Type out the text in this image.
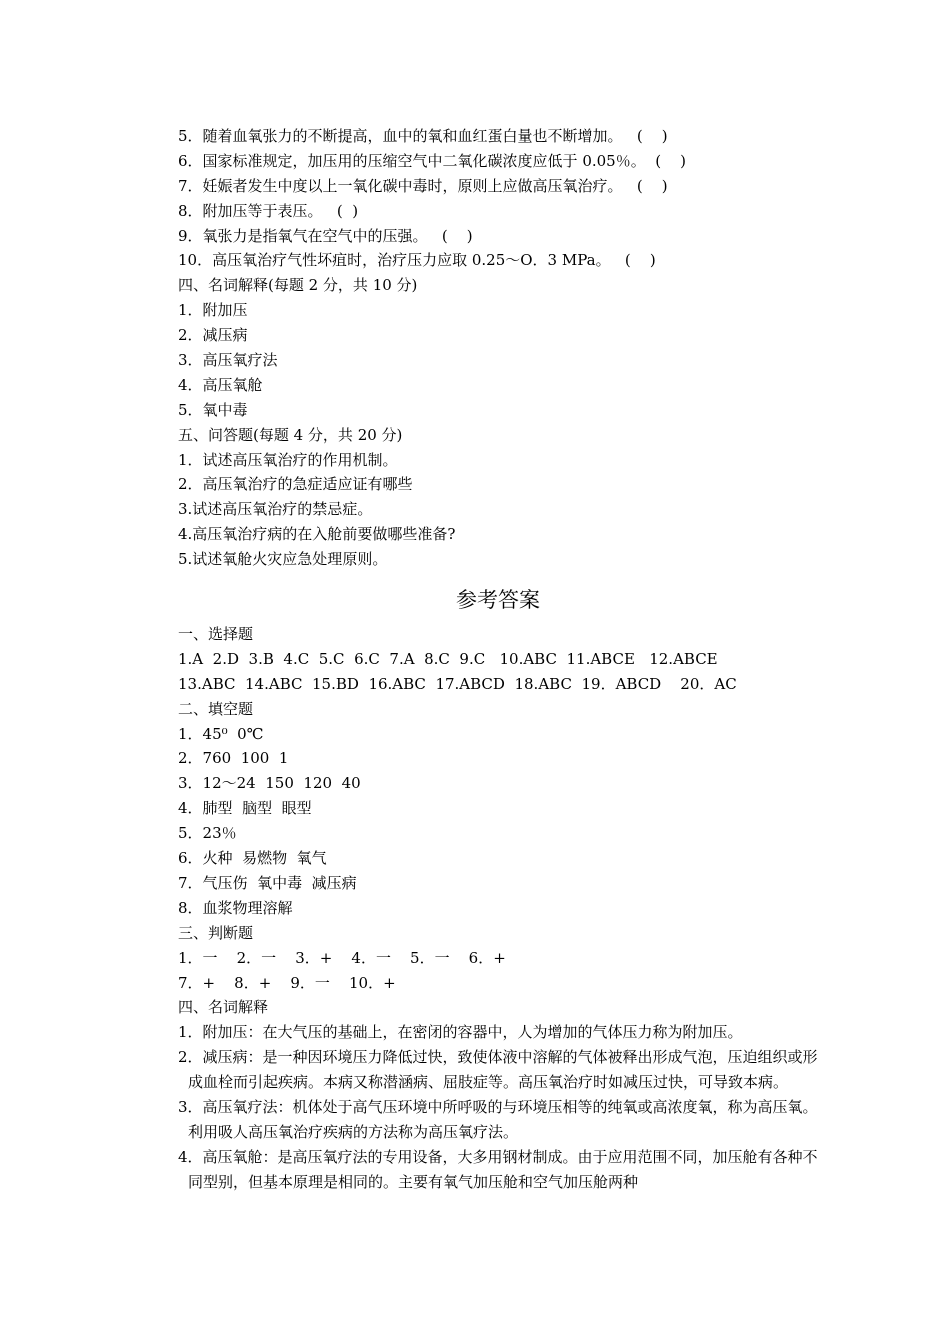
5．随着血氧张力的不断提高，血中的氧和血红蛋白量也不断增加。   (    )
6．国家标准规定，加压用的压缩空气中二氧化碳浓度应低于 0.05％。  (    )
7．妊娠者发生中度以上一氧化碳中毒时，原则上应做高压氧治疗。   (    )
8．附加压等于表压。   (  )
9．氧张力是指氧气在空气中的压强。   (    )
10．高压氧治疗气性坏疽时，治疗压力应取 0.25～O．3 MPa。   (    )
四、名词解释(每题 2 分，共 10 分)
1．附加压
2．减压病
3．高压氧疗法
4．高压氧舱
5．氧中毒
五、问答题(每题 4 分，共 20 分)
1．试述高压氧治疗的作用机制。
2．高压氧治疗的急症适应证有哪些
3.试述高压氧治疗的禁忌症。
4.高压氧治疗病的在入舱前要做哪些准备?
5.试述氧舱火灾应急处理原则。
参考答案
一、选择题
1.A  2.D  3.B  4.C  5.C  6.C  7.A  8.C  9.C   10.ABC  11.ABCE   12.ABCE
13.ABC  14.ABC  15.BD  16.ABC  17.ABCD  18.ABC  19．ABCD    20．AC
二、填空题
1．45⁰  0℃
2．760  100  1
3．12～24  150  120  40
4．肺型  脑型  眼型
5．23％
6．火种  易燃物  氧气
7．气压伤  氧中毒  减压病
8．血浆物理溶解
三、判断题
1．一    2．一    3．+    4．一    5．一    6．+
7．+    8．+    9．一    10．+
四、名词解释
1．附加压：在大气压的基础上，在密闭的容器中，人为增加的气体压力称为附加压。
2．减压病：是一种因环境压力降低过快，致使体液中溶解的气体被释出形成气泡，压迫组织或形成血栓而引起疾病。本病又称潜涵病、屈肢症等。高压氧治疗时如减压过快，可导致本病。
3．高压氧疗法：机体处于高气压环境中所呼吸的与环境压相等的纯氧或高浓度氧，称为高压氧。利用吸人高压氧治疗疾病的方法称为高压氧疗法。
4．高压氧舱：是高压氧疗法的专用设备，大多用钢材制成。由于应用范围不同，加压舱有各种不同型别，但基本原理是相同的。主要有氧气加压舱和空气加压舱两种
